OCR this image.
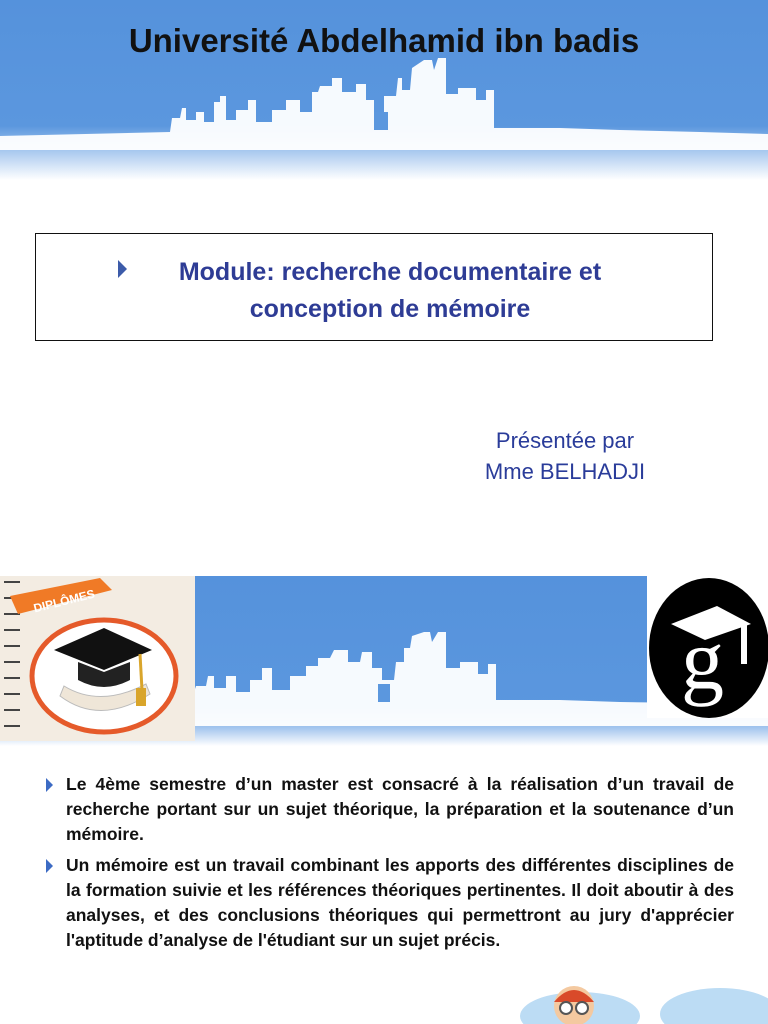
Université Abdelhamid ibn badis
Module: recherche documentaire et
conception de mémoire
Présentée par
Mme BELHADJI
DIPLÔMES
g
Le 4ème semestre d’un master est consacré à la réalisation d’un travail de recherche portant sur un sujet théorique, la préparation et la soutenance d’un mémoire.
Un mémoire est un travail combinant les apports des différentes disciplines de la formation suivie et les références théoriques pertinentes. Il doit aboutir à des analyses, et des conclusions théoriques qui permettront au jury d'apprécier l'aptitude d’analyse de l'étudiant sur un sujet précis.
